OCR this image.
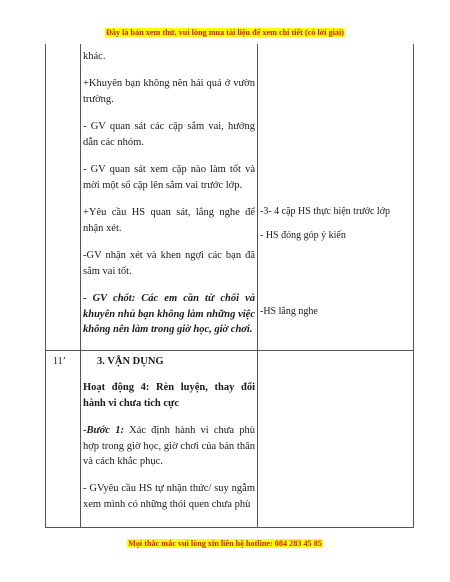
Đây là bản xem thử, vui lòng mua tài liệu để xem chi tiết (có lời giải)
khác.
+Khuyên bạn không nên hái quả ở vườn trường.
- GV quan sát các cặp sắm vai, hướng dẫn các nhóm.
- GV quan sát xem cặp nào làm tốt và mời một số cặp lên sắm vai trước lớp.
+Yêu cầu HS quan sát, lắng nghe để nhận xét.
-GV nhận xét và khen ngợi các bạn đã sắm vai tốt.
- GV chốt: Các em cần từ chối và khuyên nhủ bạn không làm những việc không nên làm trong giờ học, giờ chơi.
-3- 4 cặp HS thực hiện trước lớp
- HS đóng góp ý kiến
-HS lắng nghe
11’	3. VẬN DỤNG
Hoạt động 4: Rèn luyện, thay đổi hành vi chưa tích cực
-Bước 1: Xác định hành vi chưa phù hợp trong giờ học, giờ chơi của bản thân và cách khắc phục.
- GVyêu cầu HS tự nhận thức/ suy ngẫm xem mình có những thói quen chưa phù
Mọi thắc mắc vui lòng xin liên hệ hotline: 084 283 45 85
